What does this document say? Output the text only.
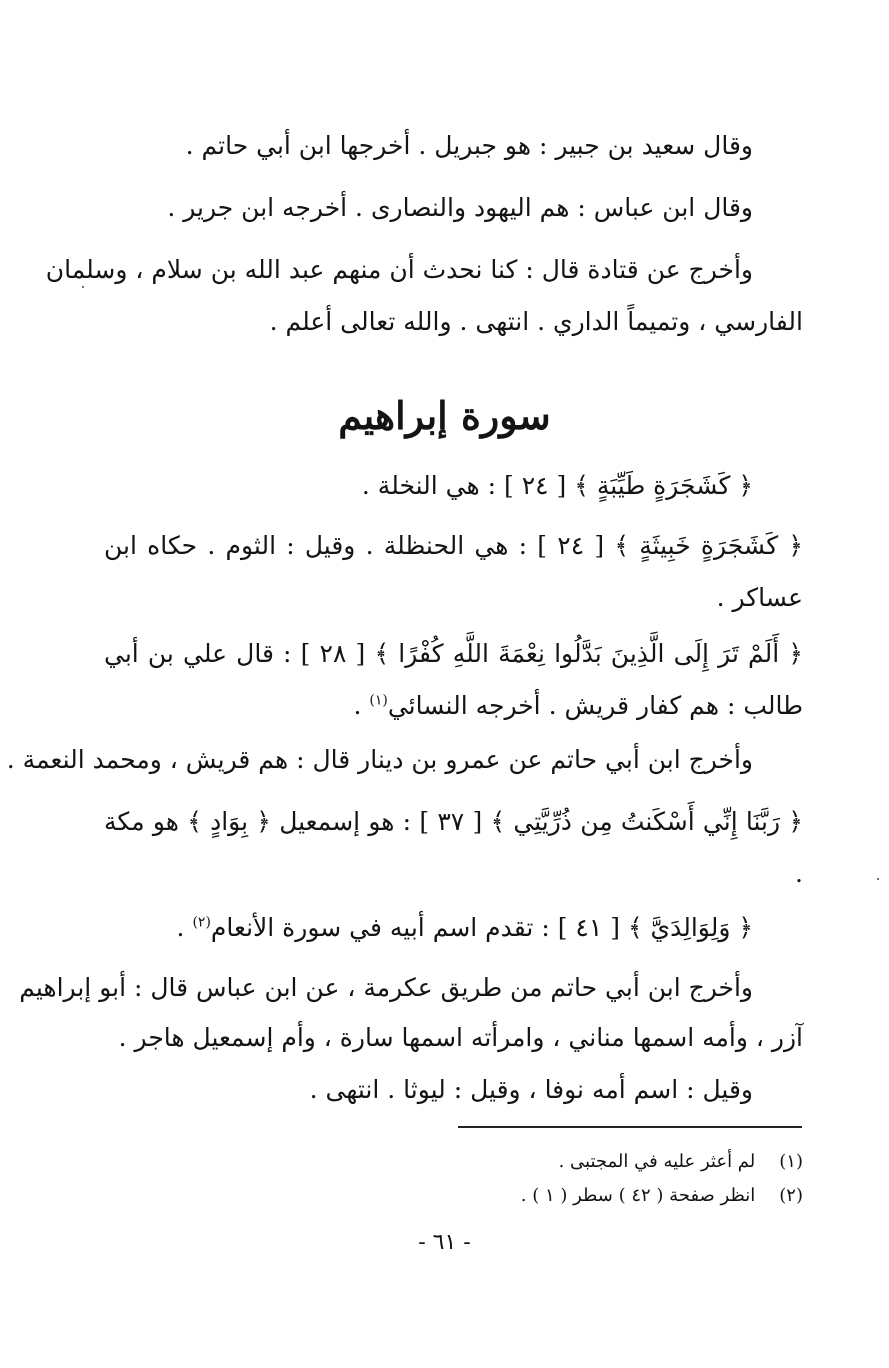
وقال سعيد بن جبير : هو جبريل . أخرجها ابن أبي حاتم .
وقال ابن عباس : هم اليهود والنصارى . أخرجه ابن جرير .
وأخرج عن قتادة قال : كنا نحدث أن منهم عبد الله بن سلام ، وسلمان
الفارسي ، وتميماً الداري . انتهى . والله تعالى أعلم .
سورة إبراهيم
﴿ كَشَجَرَةٍ طَيِّبَةٍ ﴾ [ ٢٤ ] : هي النخلة .
﴿ كَشَجَرَةٍ خَبِيثَةٍ ﴾ [ ٢٤ ] : هي الحنظلة . وقيل : الثوم . حكاه ابن عساكر .
﴿ أَلَمْ تَرَ إِلَى الَّذِينَ بَدَّلُوا نِعْمَةَ اللَّهِ كُفْرًا ﴾ [ ٢٨ ] : قال علي بن أبي طالب : هم كفار قريش . أخرجه النسائي$^{(١)}$ .
وأخرج ابن أبي حاتم عن عمرو بن دينار قال : هم قريش ، ومحمد النعمة .
﴿ رَبَّنَا إِنِّي أَسْكَنتُ مِن ذُرِّيَّتِي ﴾ [ ٣٧ ] : هو إسمعيل ﴿ بِوَادٍ ﴾ هو مكة .
﴿ وَلِوَالِدَيَّ ﴾ [ ٤١ ] : تقدم اسم أبيه في سورة الأنعام$^{(٢)}$ .
وأخرج ابن أبي حاتم من طريق عكرمة ، عن ابن عباس قال : أبو إبراهيم
آزر ، وأمه اسمها مناني ، وامرأته اسمها سارة ، وأم إسمعيل هاجر .
وقيل : اسم أمه نوفا ، وقيل : ليوثا . انتهى .
(١) لم أعثر عليه في المجتبى .
(٢) انظر صفحة ( ٤٢ ) سطر ( ١ ) .
- ٦١ -
